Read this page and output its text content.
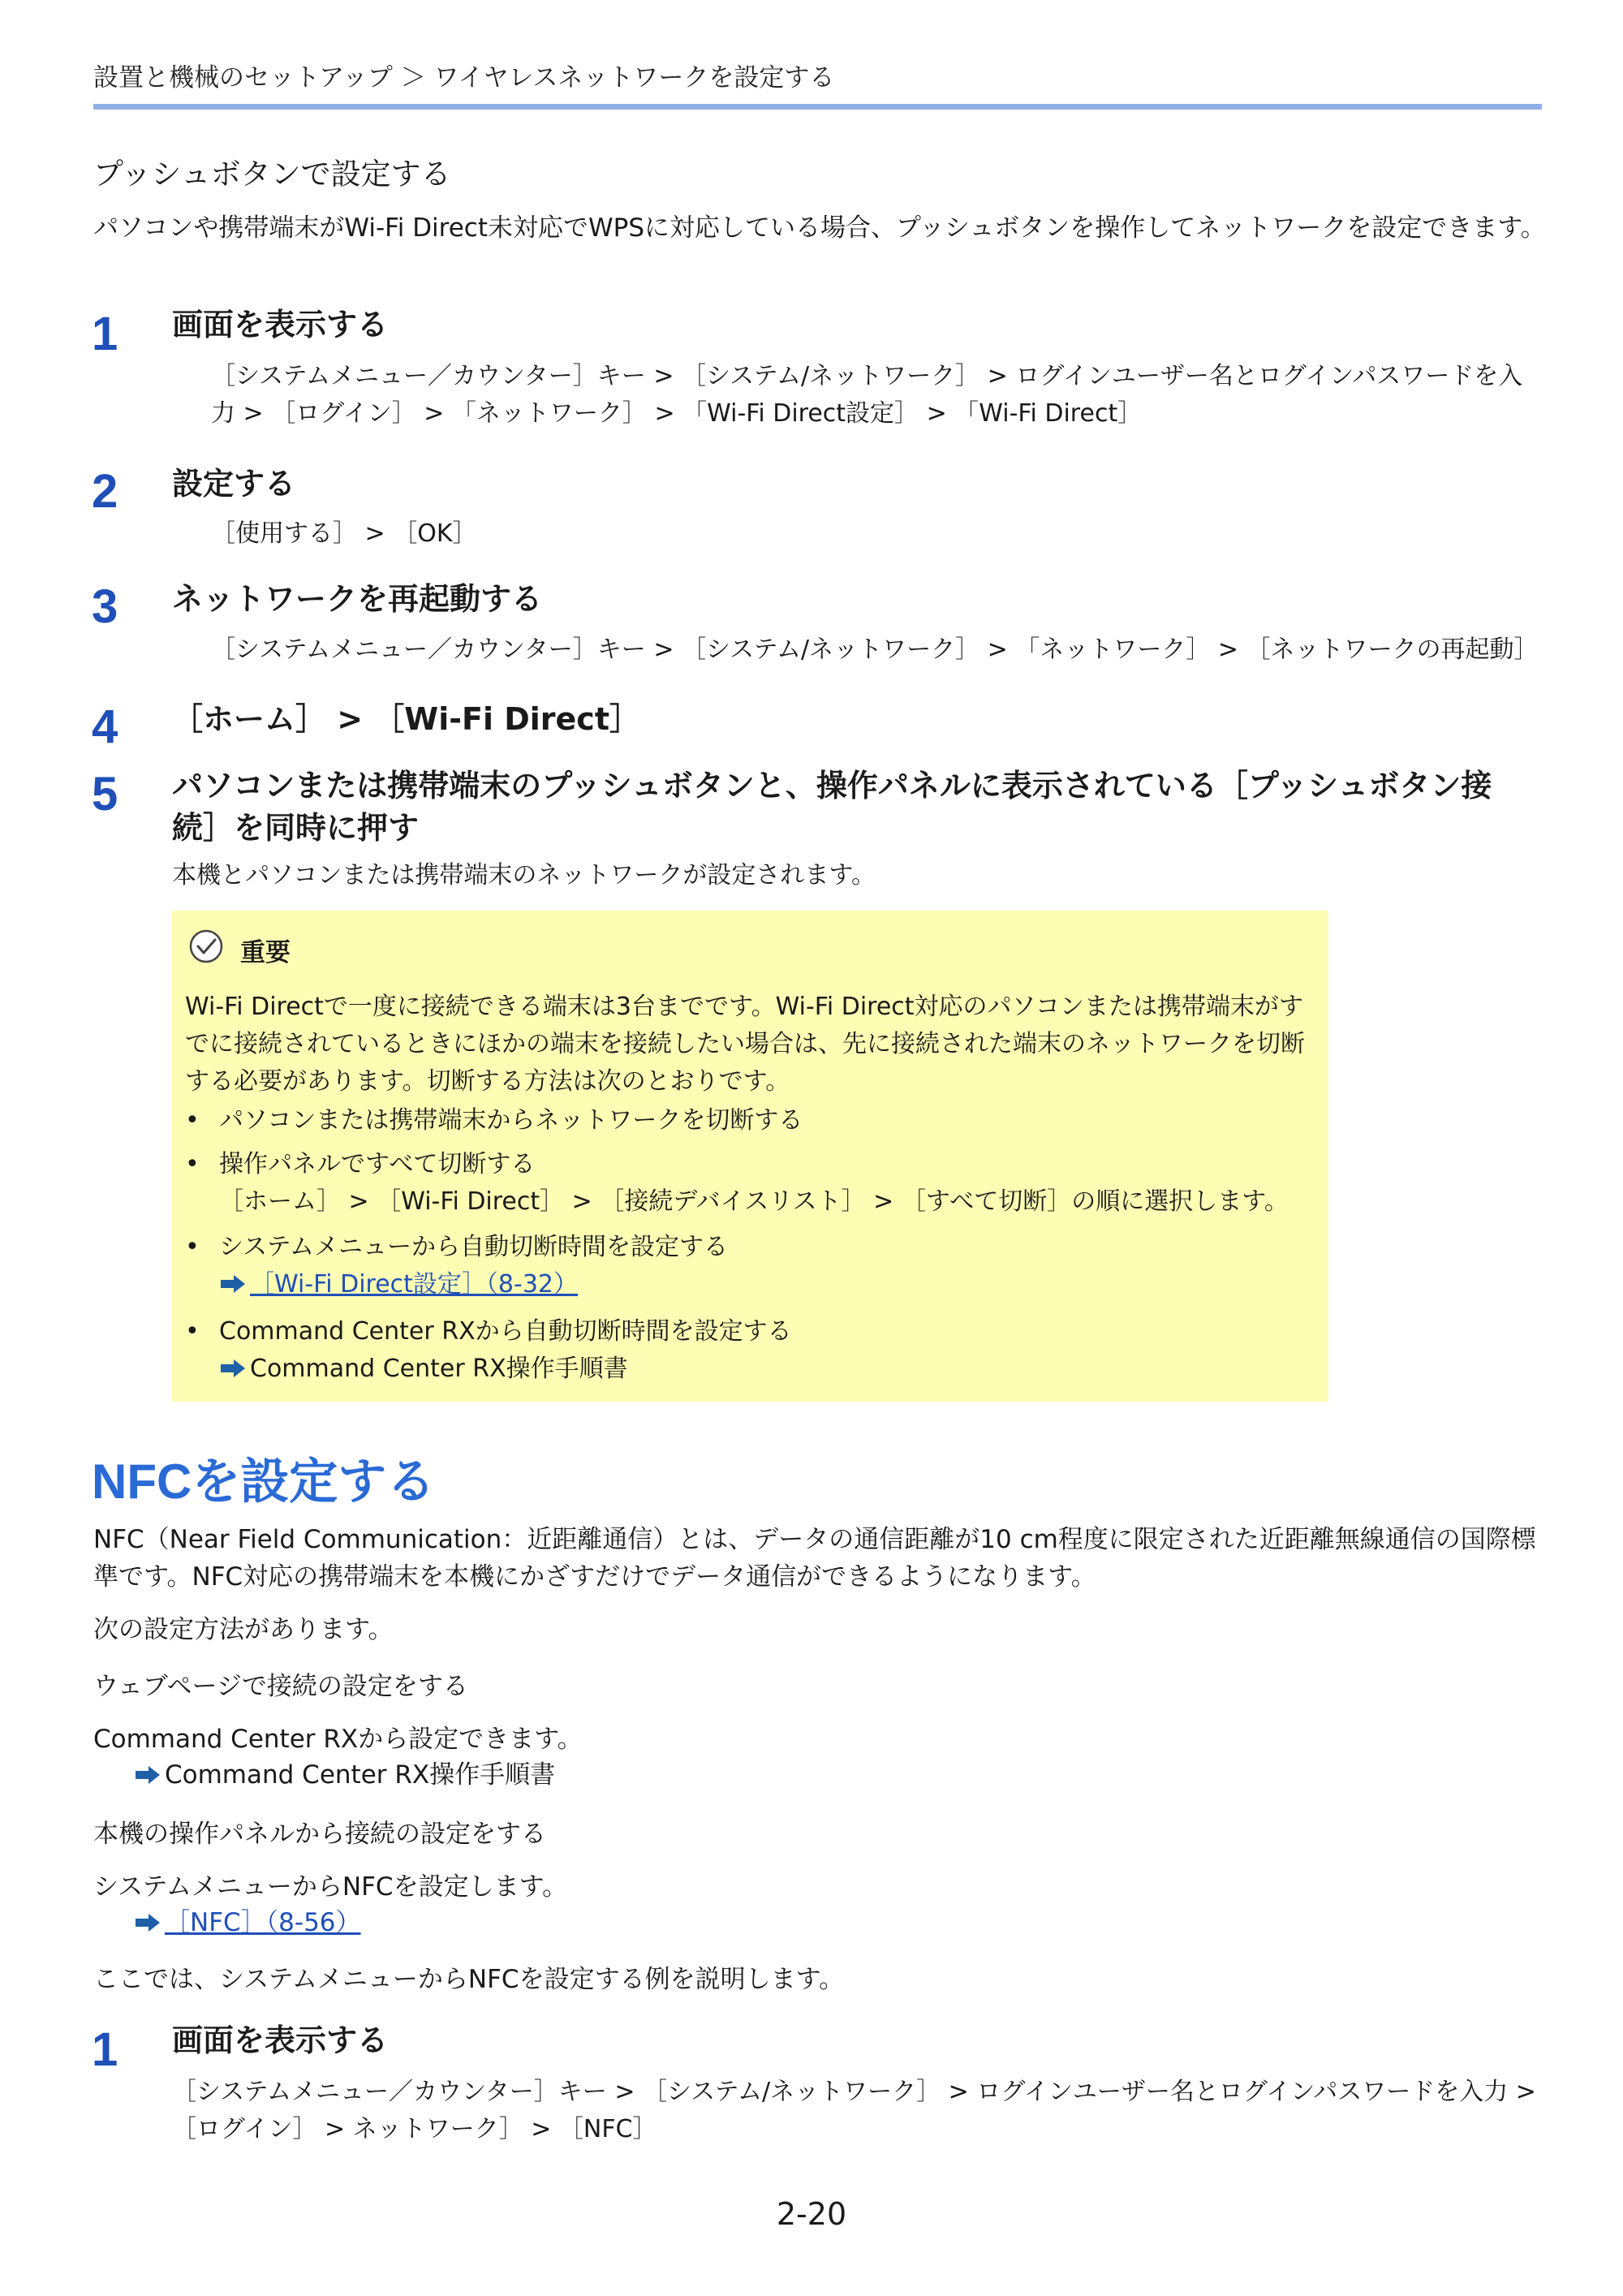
設置と機械のセットアップ ＞ ワイヤレスネットワークを設定する
プッシュボタンで設定する

パソコンや携帯端末がWi-Fi Direct未対応でWPSに対応している場合、プッシュボタンを操作してネットワークを設定できます。

1 画面を表示する

［システムメニュー／カウンター］キー > ［システム/ネットワーク］ > ログインユーザー名とログインパスワードを入力 > ［ログイン］ > 「ネットワーク］ > 「Wi-Fi Direct設定］ > 「Wi-Fi Direct］

2 設定する

［使用する］ > ［OK］

3 ネットワークを再起動する

［システムメニュー／カウンター］キー > ［システム/ネットワーク］ > 「ネットワーク］ > ［ネットワークの再起動］

4 ［ホーム］ > ［Wi-Fi Direct］

5 パソコンまたは携帯端末のプッシュボタンと、操作パネルに表示されている［プッシュボタン接続］を同時に押す

本機とパソコンまたは携帯端末のネットワークが設定されます。

重要

Wi-Fi Directで一度に接続できる端末は3台までです。Wi-Fi Direct対応のパソコンまたは携帯端末がすでに接続されているときにほかの端末を接続したい場合は、先に接続された端末のネットワークを切断する必要があります。切断する方法は次のとおりです。

• パソコンまたは携帯端末からネットワークを切断する
• 操作パネルですべて切断する
［ホーム］ > ［Wi-Fi Direct］ > ［接続デバイスリスト］ > ［すべて切断］の順に選択します。
• システムメニューから自動切断時間を設定する
［Wi-Fi Direct設定］（8-32）
• Command Center RXから自動切断時間を設定する
Command Center RX操作手順書
NFCを設定する

NFC（Near Field Communication：近距離通信）とは、データの通信距離が10 cm程度に限定された近距離無線通信の国際標準です。NFC対応の携帯端末を本機にかざすだけでデータ通信ができるようになります。

次の設定方法があります。

ウェブページで接続の設定をする

Command Center RXから設定できます。

Command Center RX操作手順書

本機の操作パネルから接続の設定をする

システムメニューからNFCを設定します。

［NFC］（8-56）

ここでは、システムメニューからNFCを設定する例を説明します。

1 画面を表示する

［システムメニュー／カウンター］キー > ［システム/ネットワーク］ > ログインユーザー名とログインパスワードを入力 > ［ログイン］ > ネットワーク］ > ［NFC］

2-20
